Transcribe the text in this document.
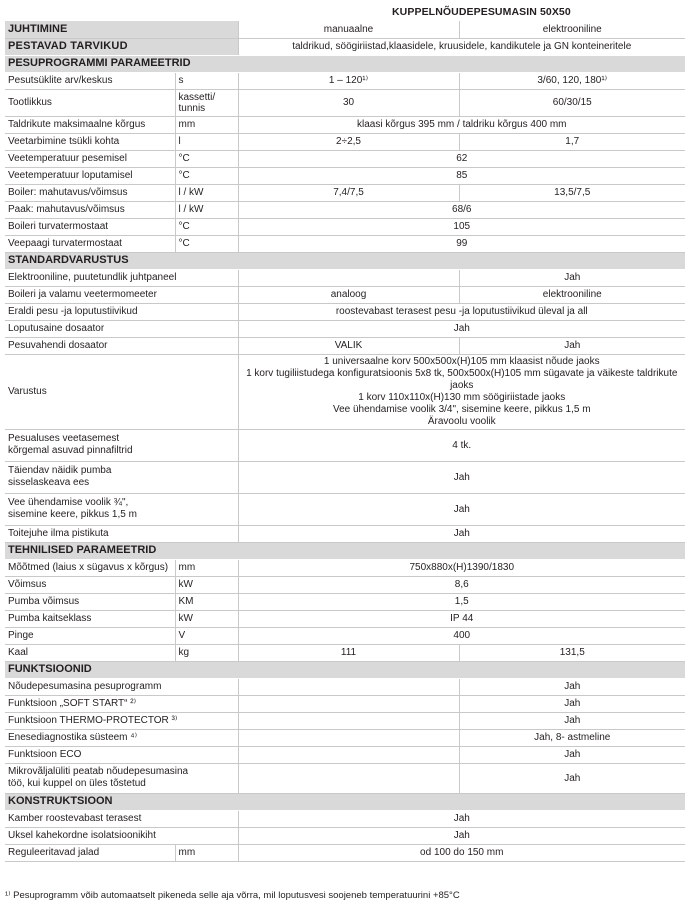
KUPPELNÕUDEPESUMASIN 50X50
JUHTIMINE		manuaalne	elektrooniline
PESTAVAD TARVIKUD		taldrikud, söögiriistad,klaasidele, kruusidele, kandikutele ja GN konteineritele	
PESUPROGRAMMI PARAMEETRID			
Pesutsüklite arv/keskus	s	1 – 120¹⁾	3/60, 120, 180¹⁾
Tootlikkus	kassetti/ tunnis	30	60/30/15
Taldrikute maksimaalne kõrgus	mm	klaasi kõrgus 395 mm / taldriku kõrgus 400 mm	
Veetarbimine tsükli kohta	l	2÷2,5	1,7
Veetemperatuur pesemisel	°C	62	
Veetemperatuur loputamisel	°C	85	
Boiler: mahutavus/võimsus	l / kW	7,4/7,5	13,5/7,5
Paak: mahutavus/võimsus	l / kW	68/6	
Boileri turvatermostaat	°C	105	
Veepaagi turvatermostaat	°C	99	
STANDARDVARUSTUS			
Elektrooniline, puutetundlik juhtpaneel			Jah
Boileri ja valamu veetermomeeter		analoog	elektrooniline
Eraldi pesu -ja loputustiivikud		roostevabast terasest pesu -ja loputustiivikud üleval ja all	
Loputusaine dosaator		Jah	
Pesuvahendi dosaator		VALIK	Jah
Varustus		1 universaalne korv 500x500x(H)105 mm klaasist nõude jaoks
1 korv tugiliistudega konfiguratsioonis 5x8 tk, 500x500x(H)105 mm sügavate ja väikeste taldrikute jaoks
1 korv 110x110x(H)130 mm söögiriistade jaoks
Vee ühendamise voolik 3/4", sisemine keere, pikkus 1,5 m
Äravoolu voolik	

Pesualuses veetasemest
kõrgemal asuvad pinnafiltrid		4 tk.	

Täiendav näidik pumba
sisselaskeava ees		Jah	

Vee ühendamise voolik ¾",
sisemine keere, pikkus 1,5 m		Jah	
Toitejuhe ilma pistikuta		Jah	
TEHNILISED PARAMEETRID			
Mõõtmed (laius x sügavus x kõrgus)	mm	750x880x(H)1390/1830	
Võimsus	kW	8,6	
Pumba võimsus	KM	1,5	
Pumba kaitseklass	kW	IP 44	
Pinge	V	400	
Kaal	kg	111	131,5
FUNKTSIOONID			
Nõudepesumasina pesuprogramm			Jah
Funktsioon „SOFT START“ ²⁾			Jah
Funktsioon THERMO-PROTECTOR ³⁾			Jah
Enesediagnostika süsteem ⁴⁾			Jah, 8- astmeline
Funktsioon ECO			Jah

Mikrovãljalüliti peatab nõudepesumasina
töö, kui kuppel on üles tõstetud			Jah
KONSTRUKTSIOON			
Kamber roostevabast terasest		Jah	
Uksel kahekordne isolatsioonikiht		Jah	
Reguleeritavad jalad	mm	od 100 do 150 mm	
¹⁾ Pesuprogramm võib automaatselt pikeneda selle aja võrra, mil loputusvesi soojeneb temperatuurini +85°C
